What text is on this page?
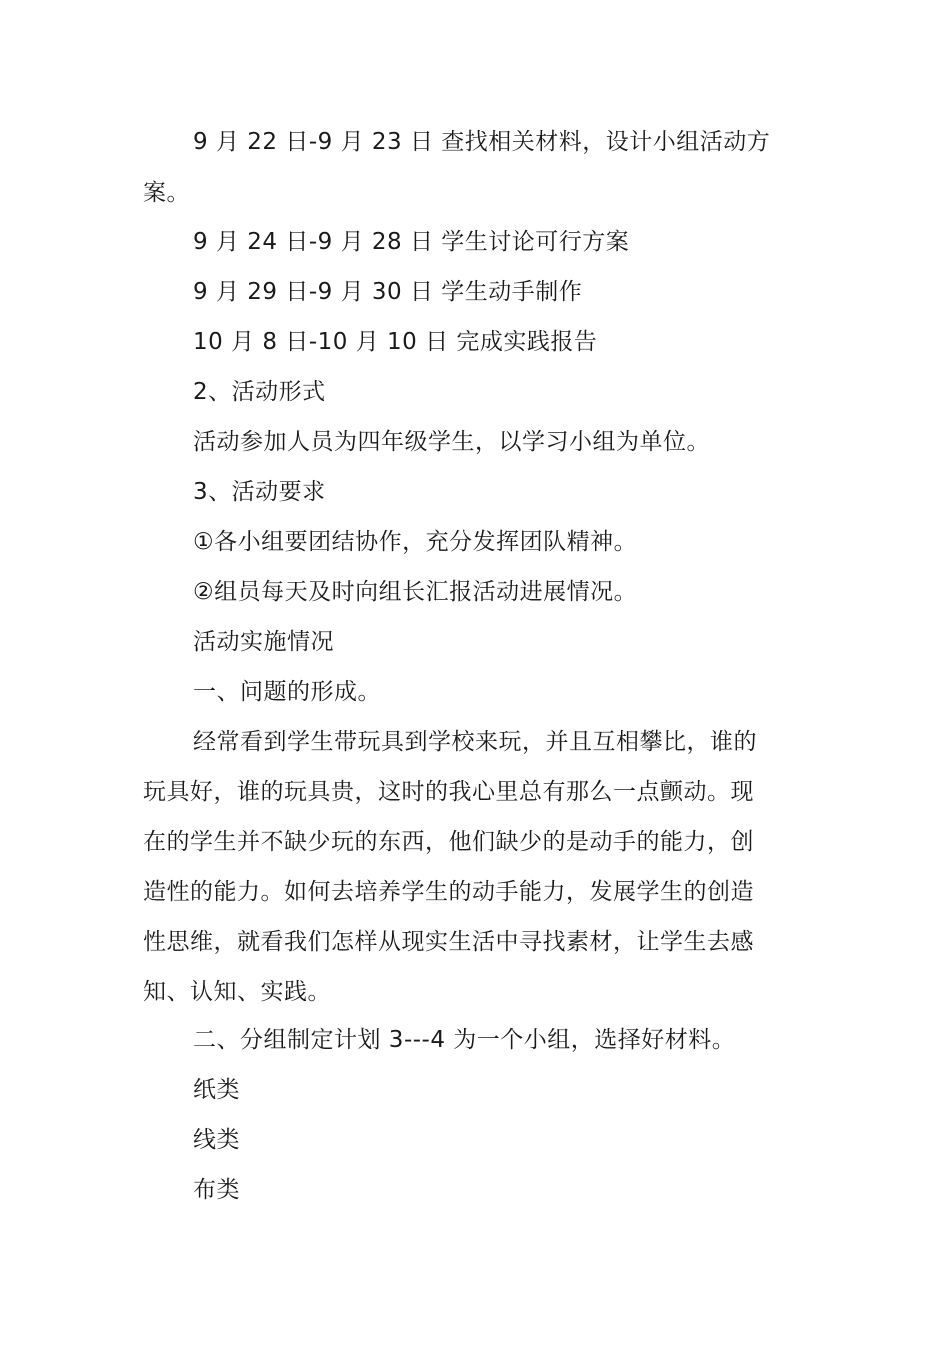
9 月 22 日-9 月 23 日 查找相关材料，设计小组活动方
案。
9 月 24 日-9 月 28 日 学生讨论可行方案
9 月 29 日-9 月 30 日 学生动手制作
10 月 8 日-10 月 10 日 完成实践报告
2、活动形式
活动参加人员为四年级学生，以学习小组为单位。
3、活动要求
①各小组要团结协作，充分发挥团队精神。
②组员每天及时向组长汇报活动进展情况。
活动实施情况
一、问题的形成。
经常看到学生带玩具到学校来玩，并且互相攀比，谁的
玩具好，谁的玩具贵，这时的我心里总有那么一点颤动。现
在的学生并不缺少玩的东西，他们缺少的是动手的能力，创
造性的能力。如何去培养学生的动手能力，发展学生的创造
性思维，就看我们怎样从现实生活中寻找素材，让学生去感
知、认知、实践。
二、分组制定计划 3---4 为一个小组，选择好材料。
纸类
线类
布类
